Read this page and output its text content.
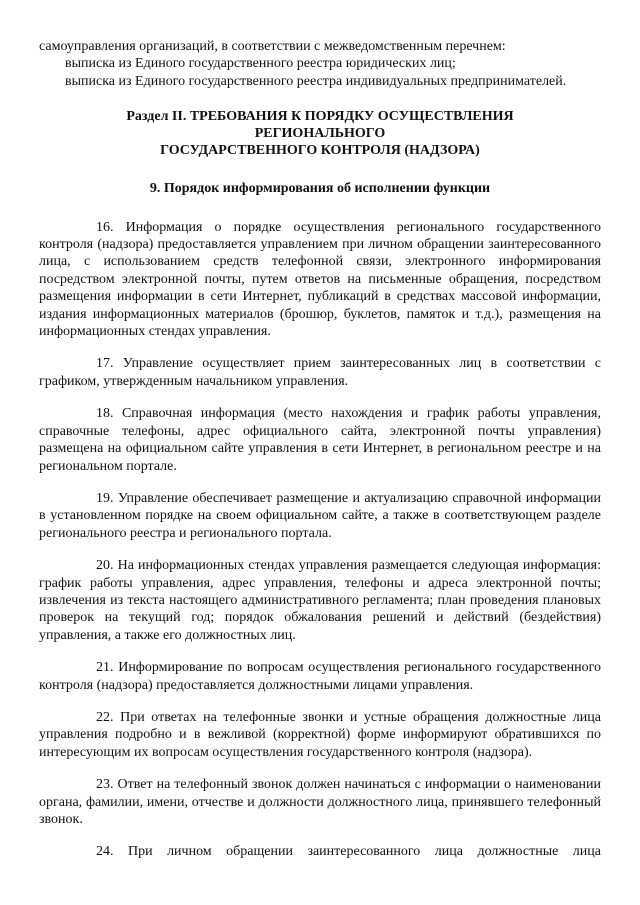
самоуправления организаций, в соответствии с межведомственным перечнем:

выписка из Единого государственного реестра юридических лиц;

выписка из Единого государственного реестра индивидуальных предпринимателей.

Раздел II. ТРЕБОВАНИЯ К ПОРЯДКУ ОСУЩЕСТВЛЕНИЯ
РЕГИОНАЛЬНОГО
ГОСУДАРСТВЕННОГО КОНТРОЛЯ (НАДЗОРА)
9. Порядок информирования об исполнении функции

16. Информация о порядке осуществления регионального государственного контроля (надзора) предоставляется управлением при личном обращении заинтересованного лица, с использованием средств телефонной связи, электронного информирования посредством электронной почты, путем ответов на письменные обращения, посредством размещения информации в сети Интернет, публикаций в средствах массовой информации, издания информационных материалов (брошюр, буклетов, памяток и т.д.), размещения на информационных стендах управления.

17. Управление осуществляет прием заинтересованных лиц в соответствии с графиком, утвержденным начальником управления.

18. Справочная информация (место нахождения и график работы управления, справочные телефоны, адрес официального сайта, электронной почты управления) размещена на официальном сайте управления в сети Интернет, в региональном реестре и на региональном портале.

19. Управление обеспечивает размещение и актуализацию справочной информации в установленном порядке на своем официальном сайте, а также в соответствующем разделе регионального реестра и регионального портала.

20. На информационных стендах управления размещается следующая информация: график работы управления, адрес управления, телефоны и адреса электронной почты; извлечения из текста настоящего административного регламента; план проведения плановых проверок на текущий год; порядок обжалования решений и действий (бездействия) управления, а также его должностных лиц.

21. Информирование по вопросам осуществления регионального государственного контроля (надзора) предоставляется должностными лицами управления.

22. При ответах на телефонные звонки и устные обращения должностные лица управления подробно и в вежливой (корректной) форме информируют обратившихся по интересующим их вопросам осуществления государственного контроля (надзора).

23. Ответ на телефонный звонок должен начинаться с информации о наименовании органа, фамилии, имени, отчестве и должности должностного лица, принявшего телефонный звонок.

24. При личном обращении заинтересованного лица должностные лица
